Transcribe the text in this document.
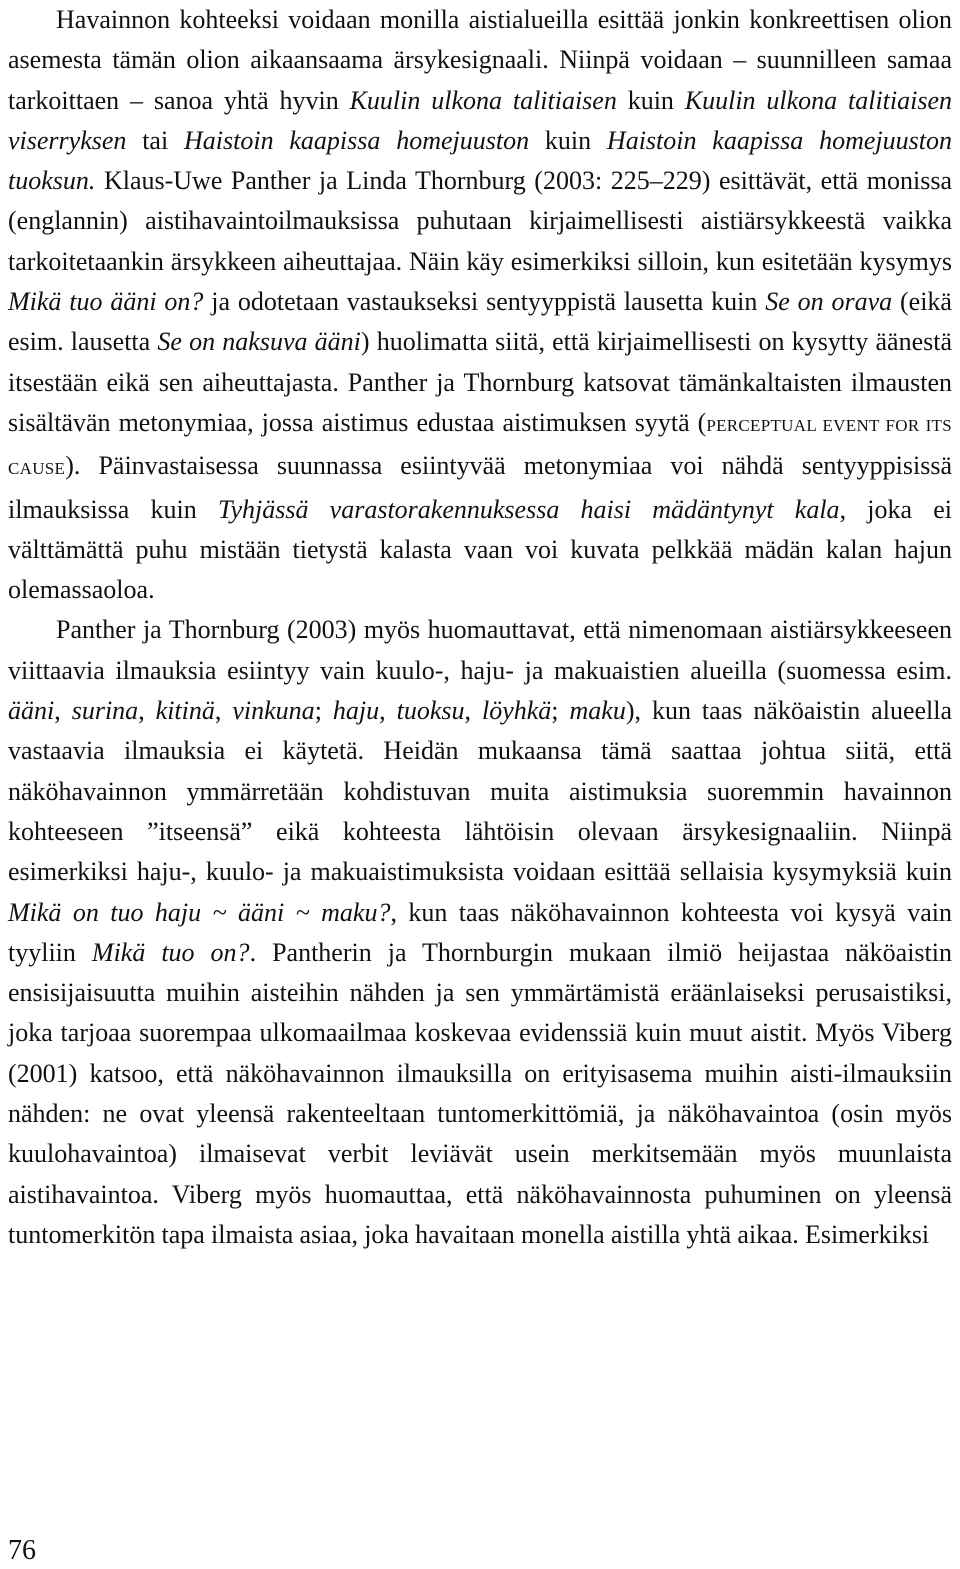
Havainnon kohteeksi voidaan monilla aistialueilla esittää jonkin konkreettisen olion asemesta tämän olion aikaansaama ärsykesignaali. Niinpä voidaan – suunnilleen samaa tarkoittaen – sanoa yhtä hyvin Kuulin ulkona talitiaisen kuin Kuulin ulkona talitiaisen viserryksen tai Haistoin kaapissa homejuuston kuin Haistoin kaapissa homejuuston tuoksun. Klaus-Uwe Panther ja Linda Thornburg (2003: 225–229) esittävät, että monissa (englannin) aistihavaintoilmauksissa puhutaan kirjaimellisesti aistiärsykkeestä vaikka tarkoitetaankin ärsykkeen aiheuttajaa. Näin käy esimerkiksi silloin, kun esitetään kysymys Mikä tuo ääni on? ja odotetaan vastaukseksi sentyyppistä lausetta kuin Se on orava (eikä esim. lausetta Se on naksuva ääni) huolimatta siitä, että kirjaimellisesti on kysytty äänestä itsestään eikä sen aiheuttajasta. Panther ja Thornburg katsovat tämänkaltaisten ilmausten sisältävän metonymiaa, jossa aistimus edustaa aistimuksen syytä (PERCEPTUAL EVENT FOR ITS CAUSE). Päinvastaisessa suunnassa esiintyvää metonymiaa voi nähdä sentyyppisissä ilmauksissa kuin Tyhjässä varastorakennuksessa haisi mädäntynyt kala, joka ei välttämättä puhu mistään tietystä kalasta vaan voi kuvata pelkkää mädän kalan hajun olemassaoloa.

Panther ja Thornburg (2003) myös huomauttavat, että nimenomaan aistiärsykkeeseen viittaavia ilmauksia esiintyy vain kuulo-, haju- ja makuaistien alueilla (suomessa esim. ääni, surina, kitinä, vinkuna; haju, tuoksu, löyhkä; maku), kun taas näköaistin alueella vastaavia ilmauksia ei käytetä. Heidän mukaansa tämä saattaa johtua siitä, että näköhavainnon ymmärretään kohdistuvan muita aistimuksia suoremmin havainnon kohteeseen ”itseensä” eikä kohteesta lähtöisin olevaan ärsykesignaaliin. Niinpä esimerkiksi haju-, kuulo- ja makuaistimuksista voidaan esittää sellaisia kysymyksiä kuin Mikä on tuo haju ~ ääni ~ maku?, kun taas näköhavainnon kohteesta voi kysyä vain tyyliin Mikä tuo on?. Pantherin ja Thornburgin mukaan ilmiö heijastaa näköaistin ensisijaisuutta muihin aisteihin nähden ja sen ymmärtämistä eräänlaiseksi perusaistiksi, joka tarjoaa suorempaa ulkomaailmaa koskevaa evidenssiä kuin muut aistit. Myös Viberg (2001) katsoo, että näköhavainnon ilmauksilla on erityisasema muihin aisti-ilmauksiin nähden: ne ovat yleensä rakenteeltaan tuntomerkittömiä, ja näköhavaintoa (osin myös kuulohavaintoa) ilmaisevat verbit leviävät usein merkitsemään myös muunlaista aistihavaintoa. Viberg myös huomauttaa, että näköhavainnosta puhuminen on yleensä tuntomerkitön tapa ilmaista asiaa, joka havaitaan monella aistilla yhtä aikaa. Esimerkiksi

76
